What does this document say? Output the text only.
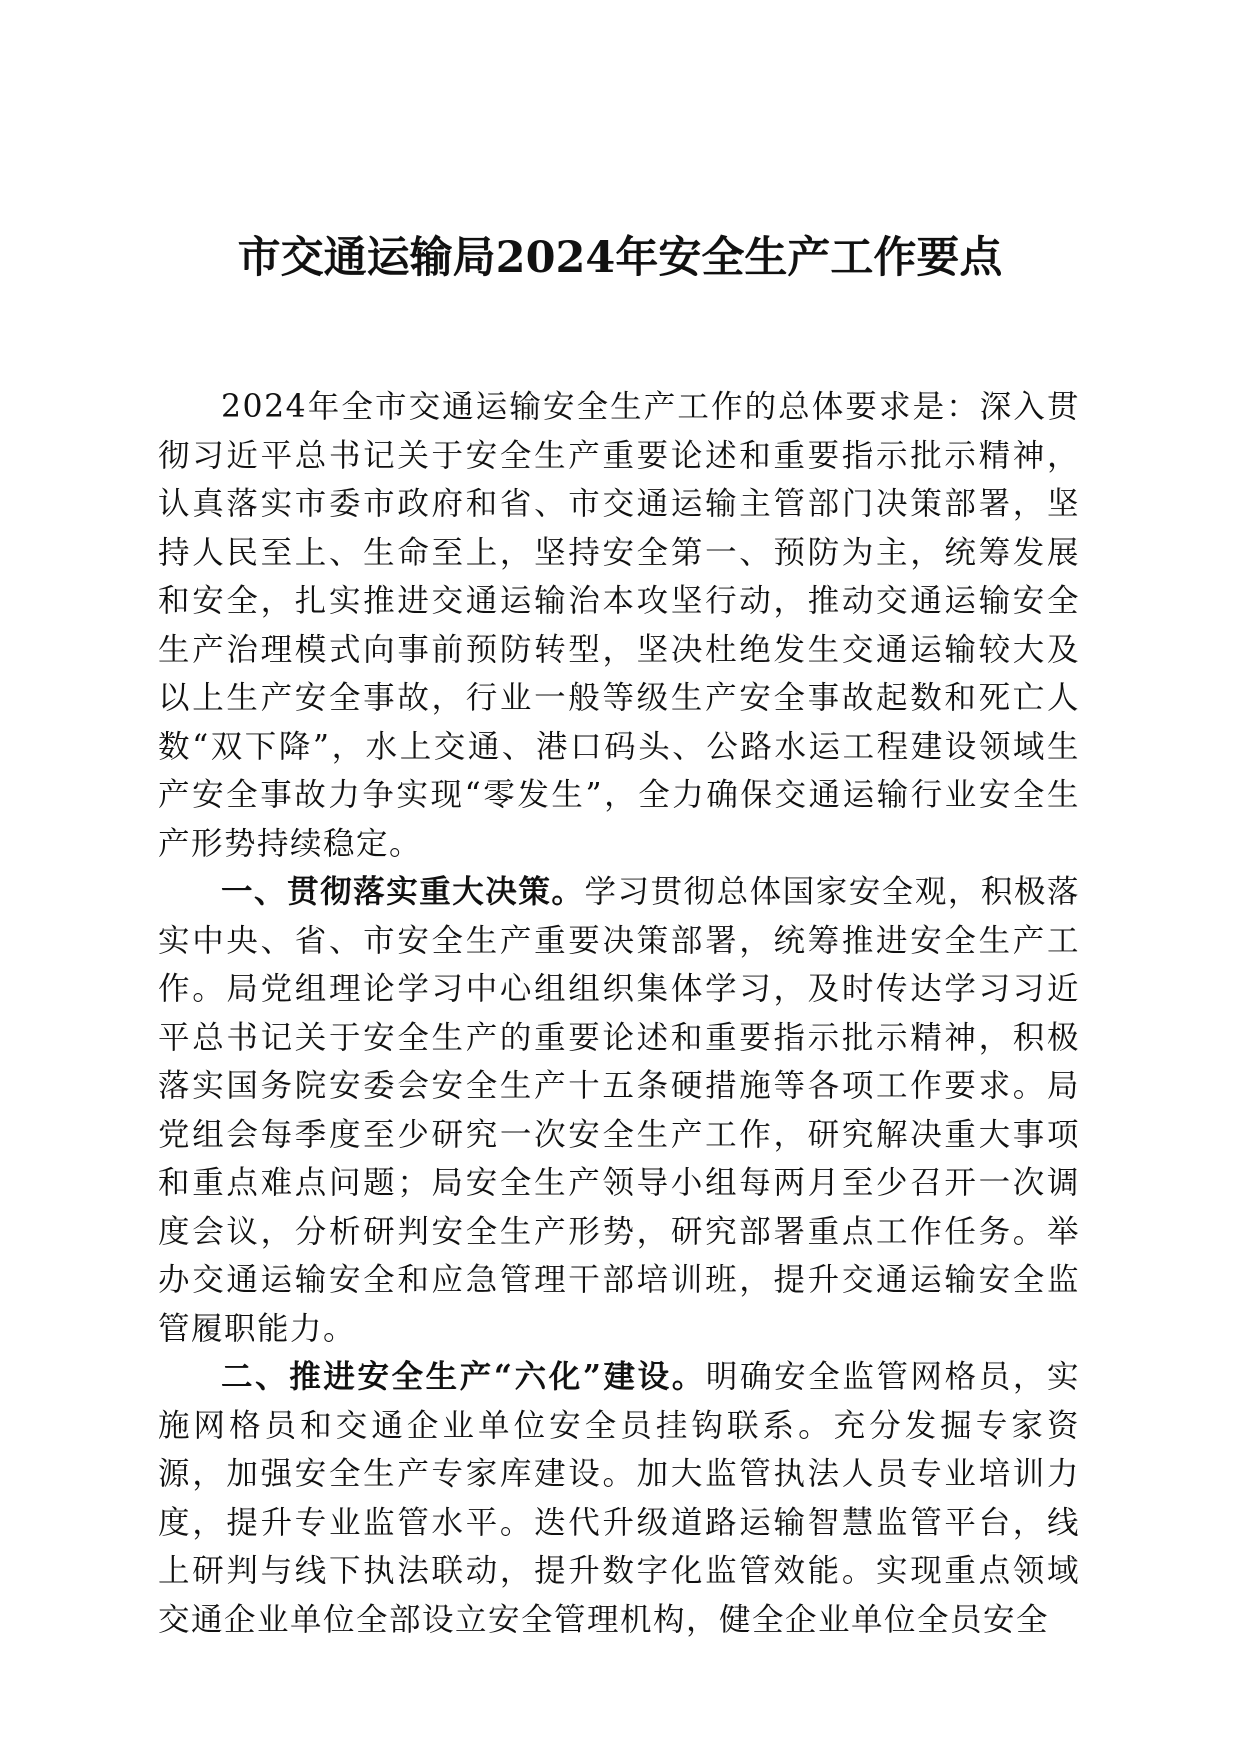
市交通运输局2024年安全生产工作要点

2024年全市交通运输安全生产工作的总体要求是：深入贯彻习近平总书记关于安全生产重要论述和重要指示批示精神，认真落实市委市政府和省、市交通运输主管部门决策部署，坚持人民至上、生命至上，坚持安全第一、预防为主，统筹发展和安全，扎实推进交通运输治本攻坚行动，推动交通运输安全生产治理模式向事前预防转型，坚决杜绝发生交通运输较大及以上生产安全事故，行业一般等级生产安全事故起数和死亡人数“双下降”，水上交通、港口码头、公路水运工程建设领域生产安全事故力争实现“零发生”，全力确保交通运输行业安全生产形势持续稳定。

一、贯彻落实重大决策。学习贯彻总体国家安全观，积极落实中央、省、市安全生产重要决策部署，统筹推进安全生产工作。局党组理论学习中心组组织集体学习，及时传达学习习近平总书记关于安全生产的重要论述和重要指示批示精神，积极落实国务院安委会安全生产十五条硬措施等各项工作要求。局党组会每季度至少研究一次安全生产工作，研究解决重大事项和重点难点问题；局安全生产领导小组每两月至少召开一次调度会议，分析研判安全生产形势，研究部署重点工作任务。举办交通运输安全和应急管理干部培训班，提升交通运输安全监管履职能力。

二、推进安全生产“六化”建设。明确安全监管网格员，实施网格员和交通企业单位安全员挂钩联系。充分发掘专家资源，加强安全生产专家库建设。加大监管执法人员专业培训力度，提升专业监管水平。迭代升级道路运输智慧监管平台，线上研判与线下执法联动，提升数字化监管效能。实现重点领域交通企业单位全部设立安全管理机构，健全企业单位全员安全
